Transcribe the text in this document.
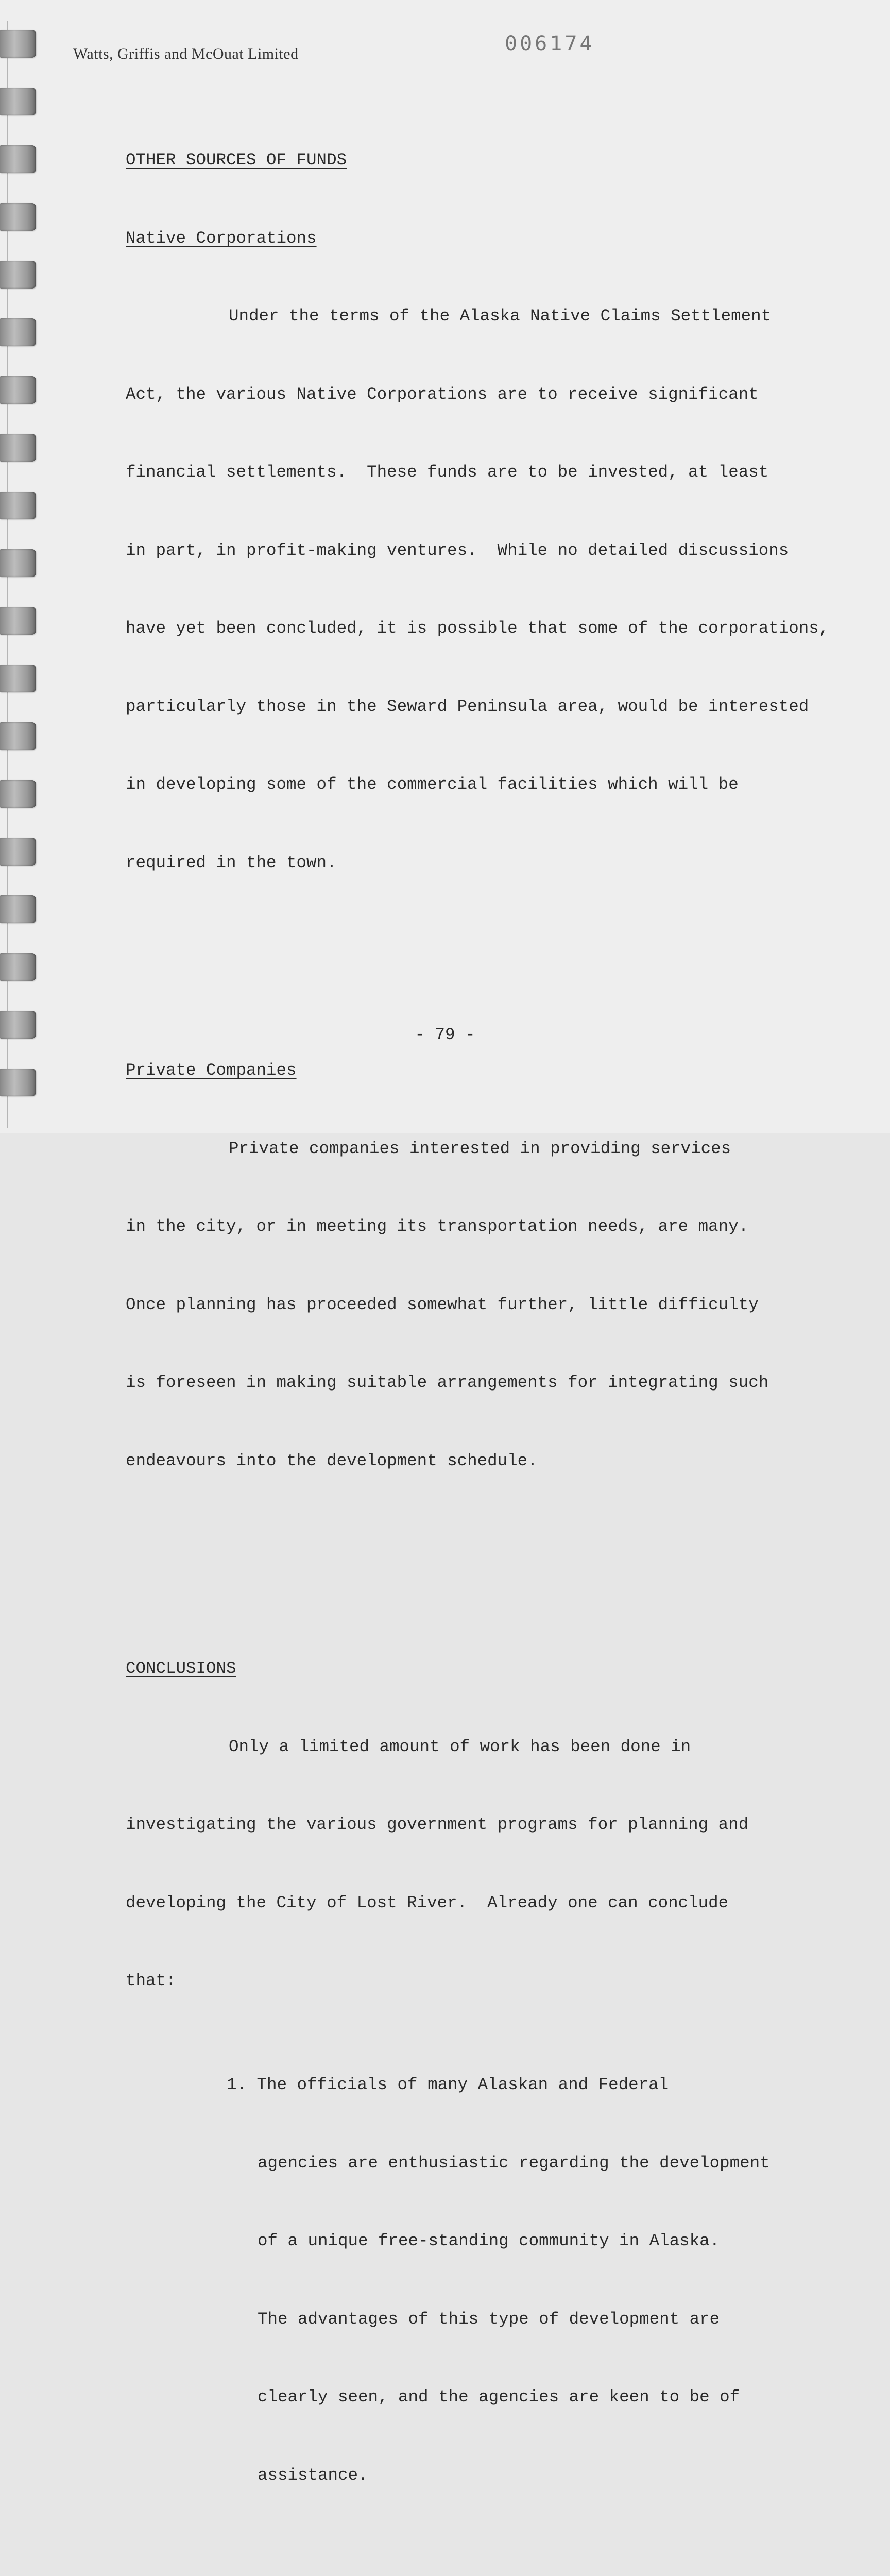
Watts, Griffis and McOuat Limited	006174

OTHER SOURCES OF FUNDS

Native Corporations

Under the terms of the Alaska Native Claims Settlement

Act, the various Native Corporations are to receive significant

financial settlements.  These funds are to be invested, at least

in part, in profit-making ventures.  While no detailed discussions

have yet been concluded, it is possible that some of the corporations,

particularly those in the Seward Peninsula area, would be interested

in developing some of the commercial facilities which will be

required in the town.

Private Companies

Private companies interested in providing services

in the city, or in meeting its transportation needs, are many.

Once planning has proceeded somewhat further, little difficulty

is foreseen in making suitable arrangements for integrating such

endeavours into the development schedule.

CONCLUSIONS

Only a limited amount of work has been done in

investigating the various government programs for planning and

developing the City of Lost River.  Already one can conclude

that:

1. The officials of many Alaskan and Federal

agencies are enthusiastic regarding the development

of a unique free-standing community in Alaska.

The advantages of this type of development are

clearly seen, and the agencies are keen to be of

assistance.

- 79 -
